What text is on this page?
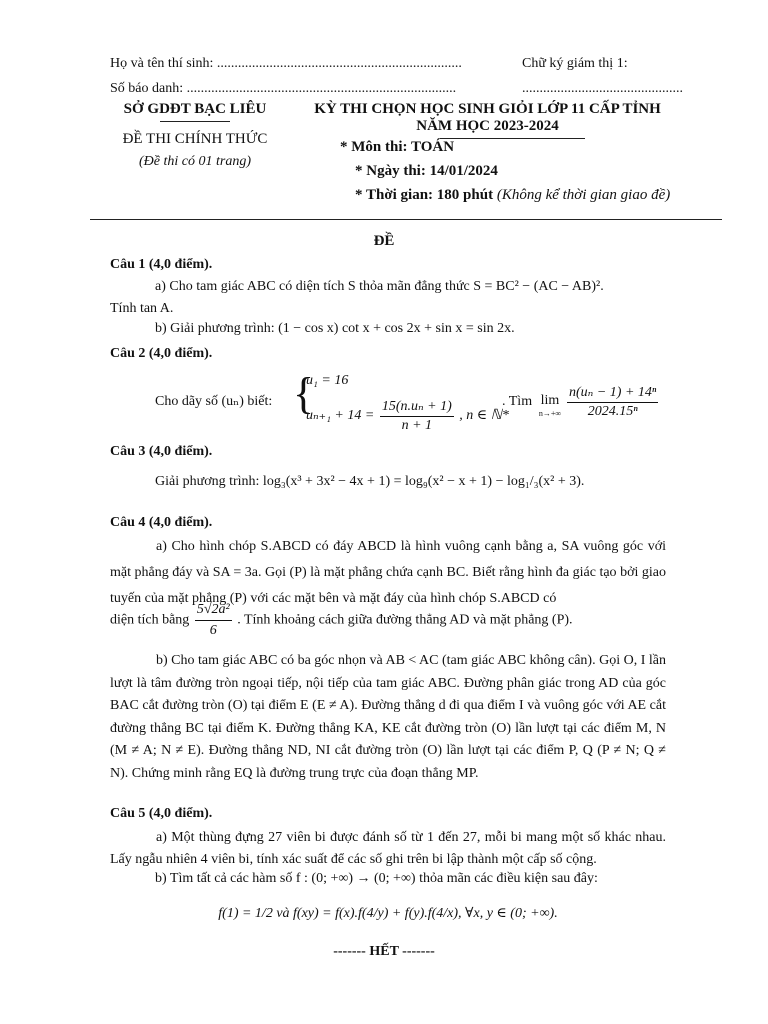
Họ và tên thí sinh: ......................................................................
Số báo danh: .............................................................................
Chữ ký giám thị 1:
..............................................
SỞ GDĐT BẠC LIÊU
ĐỀ THI CHÍNH THỨC
(Đề thi có 01 trang)
KỲ THI CHỌN HỌC SINH GIỎI LỚP 11 CẤP TỈNH
NĂM HỌC 2023-2024
* Môn thi: TOÁN
* Ngày thi: 14/01/2024
* Thời gian: 180 phút (Không kể thời gian giao đề)
ĐỀ
Câu 1 (4,0 điểm).
a) Cho tam giác ABC có diện tích S thỏa mãn đẳng thức S = BC² − (AC − AB)².
Tính tan A.
b) Giải phương trình: (1 − cos x) cot x + cos 2x + sin x = sin 2x.
Câu 2 (4,0 điểm).
Cho dãy số (uₙ) biết: {
u₁ = 16
$u_{n+1} + 14 = \frac{\text{15(n.uₙ + 1)}}{n + 1}$ , n ∈ ℕ*
. Tìm lim
$n\to+\infty \frac{\text{n(uₙ − 1) + 14ⁿ}}{\text{2024.15ⁿ}}$
Câu 3 (4,0 điểm).
Giải phương trình: log₃(x³ + 3x² − 4x + 1) = log₉(x² − x + 1) − log₁/₃(x² + 3).
Câu 4 (4,0 điểm).
a) Cho hình chóp S.ABCD có đáy ABCD là hình vuông cạnh bằng a, SA vuông góc với mặt phẳng đáy và SA = 3a. Gọi (P) là mặt phẳng chứa cạnh BC. Biết rằng hình đa giác tạo bởi giao tuyến của mặt phẳng (P) với các mặt bên và mặt đáy của hình chóp S.ABCD có
diện tích bằng $\frac{\text{5√2a²}}{6}$ . Tính khoảng cách giữa đường thẳng AD và mặt phẳng (P).
b) Cho tam giác ABC có ba góc nhọn và AB < AC (tam giác ABC không cân). Gọi O, I lần lượt là tâm đường tròn ngoại tiếp, nội tiếp của tam giác ABC. Đường phân giác trong AD của góc BAC cắt đường tròn (O) tại điểm E (E ≠ A). Đường thẳng d đi qua điểm I và vuông góc với AE cắt đường thẳng BC tại điểm K. Đường thẳng KA, KE cắt đường tròn (O) lần lượt tại các điểm M, N (M ≠ A; N ≠ E). Đường thẳng ND, NI cắt đường tròn (O) lần lượt tại các điểm P, Q (P ≠ N; Q ≠ N). Chứng minh rằng EQ là đường trung trực của đoạn thẳng MP.
Câu 5 (4,0 điểm).
a) Một thùng đựng 27 viên bi được đánh số từ 1 đến 27, mỗi bi mang một số khác nhau. Lấy ngẫu nhiên 4 viên bi, tính xác suất để các số ghi trên bi lập thành một cấp số cộng.
b) Tìm tất cả các hàm số f : (0; +∞) → (0; +∞) thỏa mãn các điều kiện sau đây:
f(1) = 1/2 và f(xy) = f(x).f(4/y) + f(y).f(4/x), ∀x, y ∈ (0; +∞).
------- HẾT -------
